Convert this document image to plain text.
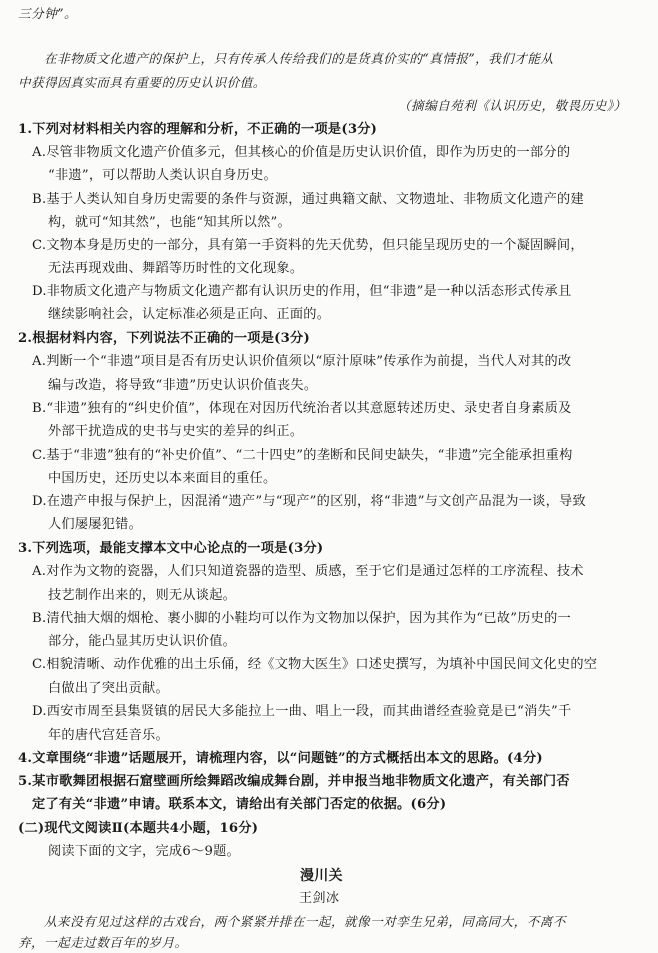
三分钟”。
在非物质文化遗产的保护上，只有传承人传给我们的是货真价实的“真情报”，我们才能从
中获得因真实而具有重要的历史认识价值。
（摘编自苑利《认识历史，敬畏历史》）
1.下列对材料相关内容的理解和分析，不正确的一项是(3分)
A.尽管非物质文化遗产价值多元，但其核心的价值是历史认识价值，即作为历史的一部分的
“非遗”，可以帮助人类认识自身历史。
B.基于人类认知自身历史需要的条件与资源，通过典籍文献、文物遗址、非物质文化遗产的建
构，就可“知其然”，也能“知其所以然”。
C.文物本身是历史的一部分，具有第一手资料的先天优势，但只能呈现历史的一个凝固瞬间，
无法再现戏曲、舞蹈等历时性的文化现象。
D.非物质文化遗产与物质文化遗产都有认识历史的作用，但“非遗”是一种以活态形式传承且
继续影响社会，认定标准必须是正向、正面的。
2.根据材料内容，下列说法不正确的一项是(3分)
A.判断一个“非遗”项目是否有历史认识价值须以“原汁原味”传承作为前提，当代人对其的改
编与改造，将导致“非遗”历史认识价值丧失。
B.“非遗”独有的“纠史价值”，体现在对因历代统治者以其意愿转述历史、录史者自身素质及
外部干扰造成的史书与史实的差异的纠正。
C.基于“非遗”独有的“补史价值”、“二十四史”的垄断和民间史缺失，“非遗”完全能承担重构
中国历史，还历史以本来面目的重任。
D.在遗产申报与保护上，因混淆“遗产”与“现产”的区别，将“非遗”与文创产品混为一谈，导致
人们屡屡犯错。
3.下列选项，最能支撑本文中心论点的一项是(3分)
A.对作为文物的瓷器，人们只知道瓷器的造型、质感，至于它们是通过怎样的工序流程、技术
技艺制作出来的，则无从谈起。
B.清代抽大烟的烟枪、裹小脚的小鞋均可以作为文物加以保护，因为其作为“已故”历史的一
部分，能凸显其历史认识价值。
C.相貌清晰、动作优雅的出土乐俑，经《文物大医生》口述史撰写，为填补中国民间文化史的空
白做出了突出贡献。
D.西安市周至县集贤镇的居民大多能拉上一曲、唱上一段，而其曲谱经查验竟是已“消失”千
年的唐代宫廷音乐。
4.文章围绕“非遗”话题展开，请梳理内容，以“问题链”的方式概括出本文的思路。(4分)
5.某市歌舞团根据石窟壁画所绘舞蹈改编成舞台剧，并申报当地非物质文化遗产，有关部门否
定了有关“非遗”申请。联系本文，请给出有关部门否定的依据。(6分)
(二)现代文阅读Ⅱ(本题共4小题，16分)
阅读下面的文字，完成6～9题。
漫川关
王剑冰
从来没有见过这样的古戏台，两个紧紧并排在一起，就像一对孪生兄弟，同高同大，不离不
弃，一起走过数百年的岁月。
